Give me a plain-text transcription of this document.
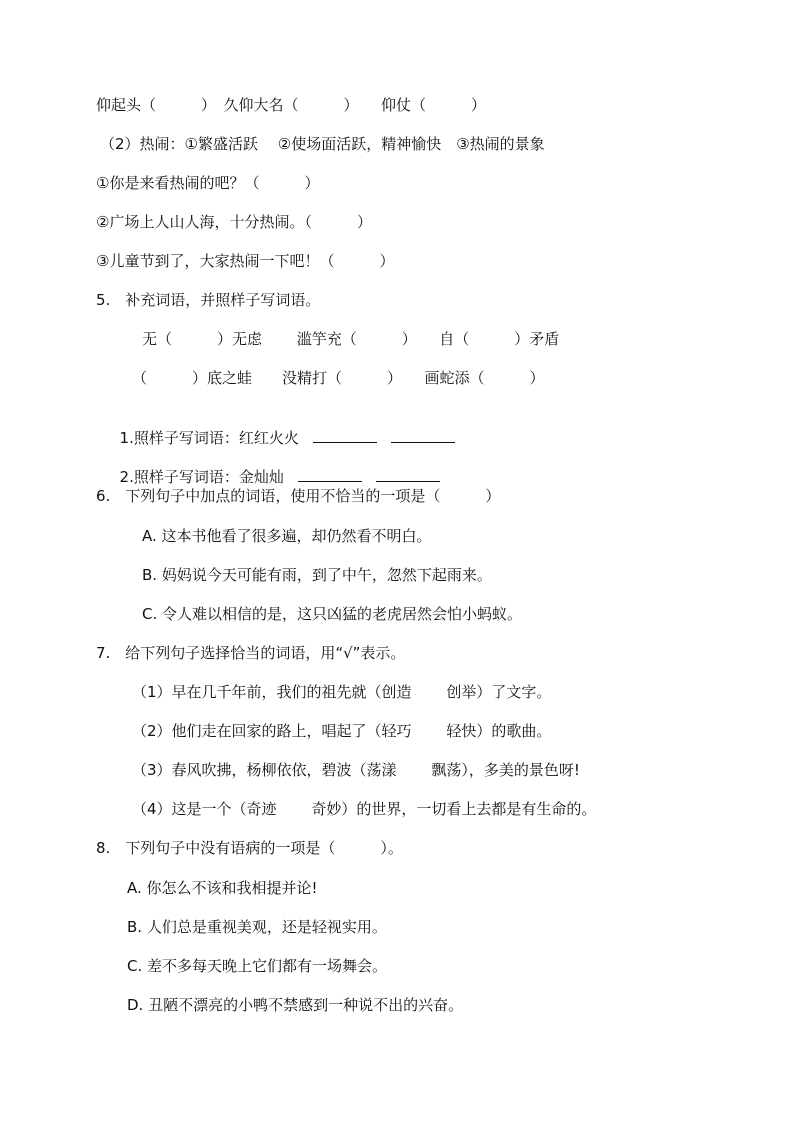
仰起头（　　　）　久仰大名（　　　）　　仰仗（　　　）
（2）热闹：①繁盛活跃　 ②使场面活跃，精神愉快　③热闹的景象
①你是来看热闹的吧？（　　　）
②广场上人山人海，十分热闹。（　　　）
③儿童节到了，大家热闹一下吧！（　　　）
5.　补充词语，并照样子写词语。
无（　　　）无虑　　 滥竽充（　　　）　　自（　　　）矛盾
（　　　）底之蛙　　没精打（　　　）　　画蛇添（　　　）

1.照样子写词语：红红火火

2.照样子写词语：金灿灿

6.　下列句子中加点的词语，使用不恰当的一项是（　　　）
A. 这本书他看了很多遍，却仍然看不明白。
B. 妈妈说今天可能有雨，到了中午，忽然下起雨来。
C. 令人难以相信的是，这只凶猛的老虎居然会怕小蚂蚁。
7.　给下列句子选择恰当的词语，用“√”表示。
（1）早在几千年前，我们的祖先就（创造　　 创举）了文字。
（2）他们走在回家的路上，唱起了（轻巧　　 轻快）的歌曲。
（3）春风吹拂，杨柳依依，碧波（荡漾　　 飘荡），多美的景色呀!
（4）这是一个（奇迹　　 奇妙）的世界，一切看上去都是有生命的。
8.　下列句子中没有语病的一项是（　　　）。
A. 你怎么不该和我相提并论!
B. 人们总是重视美观，还是轻视实用。
C. 差不多每天晚上它们都有一场舞会。
D. 丑陋不漂亮的小鸭不禁感到一种说不出的兴奋。
